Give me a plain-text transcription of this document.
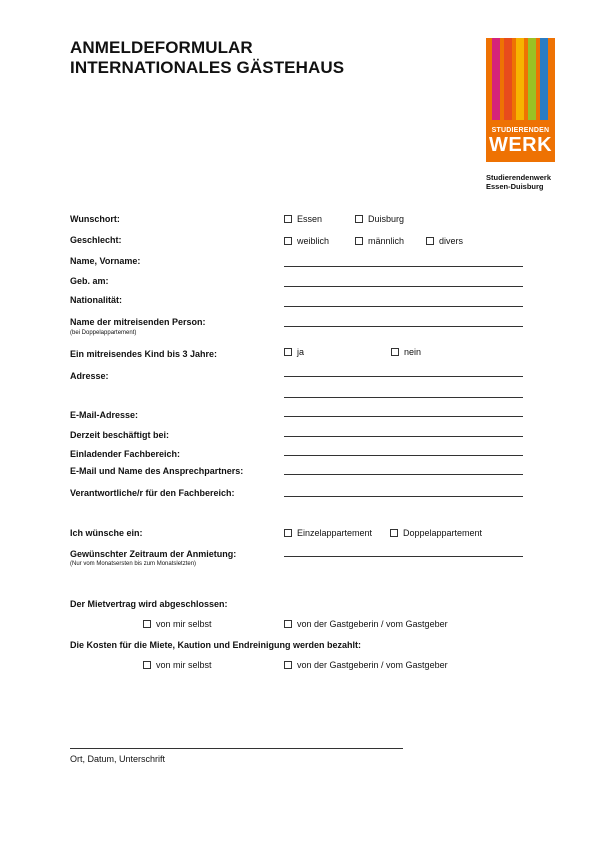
ANMELDEFORMULAR
INTERNATIONALES GÄSTEHAUS
STUDIERENDEN
WERK
Studierendenwerk
Essen-Duisburg
Wunschort:	Essen	Duisburg
Geschlecht:	weiblich	männlich	divers
Name, Vorname:
Geb. am:
Nationalität:
Name der mitreisenden Person:
(bei Doppelappartement)
Ein mitreisendes Kind bis 3 Jahre:	ja	nein
Adresse:
E-Mail-Adresse:
Derzeit beschäftigt bei:
Einladender Fachbereich:
E-Mail und Name des Ansprechpartners:
Verantwortliche/r für den Fachbereich:
Ich wünsche ein:	Einzelappartement	Doppelappartement
Gewünschter Zeitraum der Anmietung:
(Nur vom Monatsersten bis zum Monatsletzten)
Der Mietvertrag wird abgeschlossen:
von mir selbst	von der Gastgeberin / vom Gastgeber
Die Kosten für die Miete, Kaution und Endreinigung werden bezahlt:
von mir selbst	von der Gastgeberin / vom Gastgeber
Ort, Datum, Unterschrift
